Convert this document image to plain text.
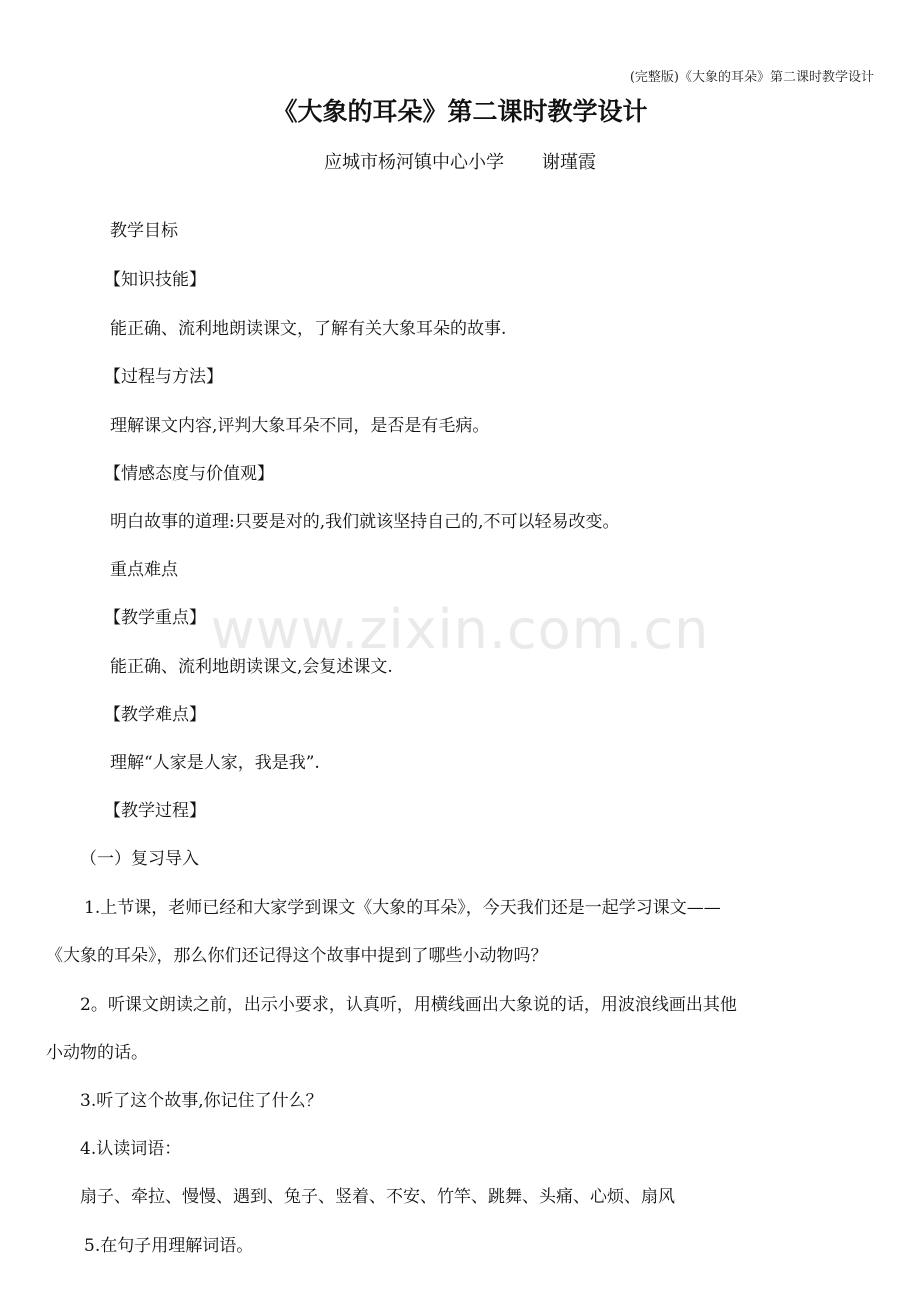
(完整版)《大象的耳朵》第二课时教学设计
《大象的耳朵》第二课时教学设计
应城市杨河镇中心小学 谢瑾霞
www.zixin.com.cn
教学目标
【知识技能】
能正确、流利地朗读课文，了解有关大象耳朵的故事.
【过程与方法】
理解课文内容,评判大象耳朵不同，是否是有毛病。
【情感态度与价值观】
明白故事的道理:只要是对的,我们就该坚持自己的,不可以轻易改变。
重点难点
【教学重点】
能正确、流利地朗读课文,会复述课文.
【教学难点】
理解“人家是人家，我是我”.
【教学过程】
（一）复习导入
1.上节课，老师已经和大家学到课文《大象的耳朵》，今天我们还是一起学习课文——
《大象的耳朵》，那么你们还记得这个故事中提到了哪些小动物吗？
2。听课文朗读之前，出示小要求，认真听，用横线画出大象说的话，用波浪线画出其他
小动物的话。
3.听了这个故事,你记住了什么？
4.认读词语：
扇子、牵拉、慢慢、遇到、兔子、竖着、不安、竹竿、跳舞、头痛、心烦、扇风
5.在句子用理解词语。
